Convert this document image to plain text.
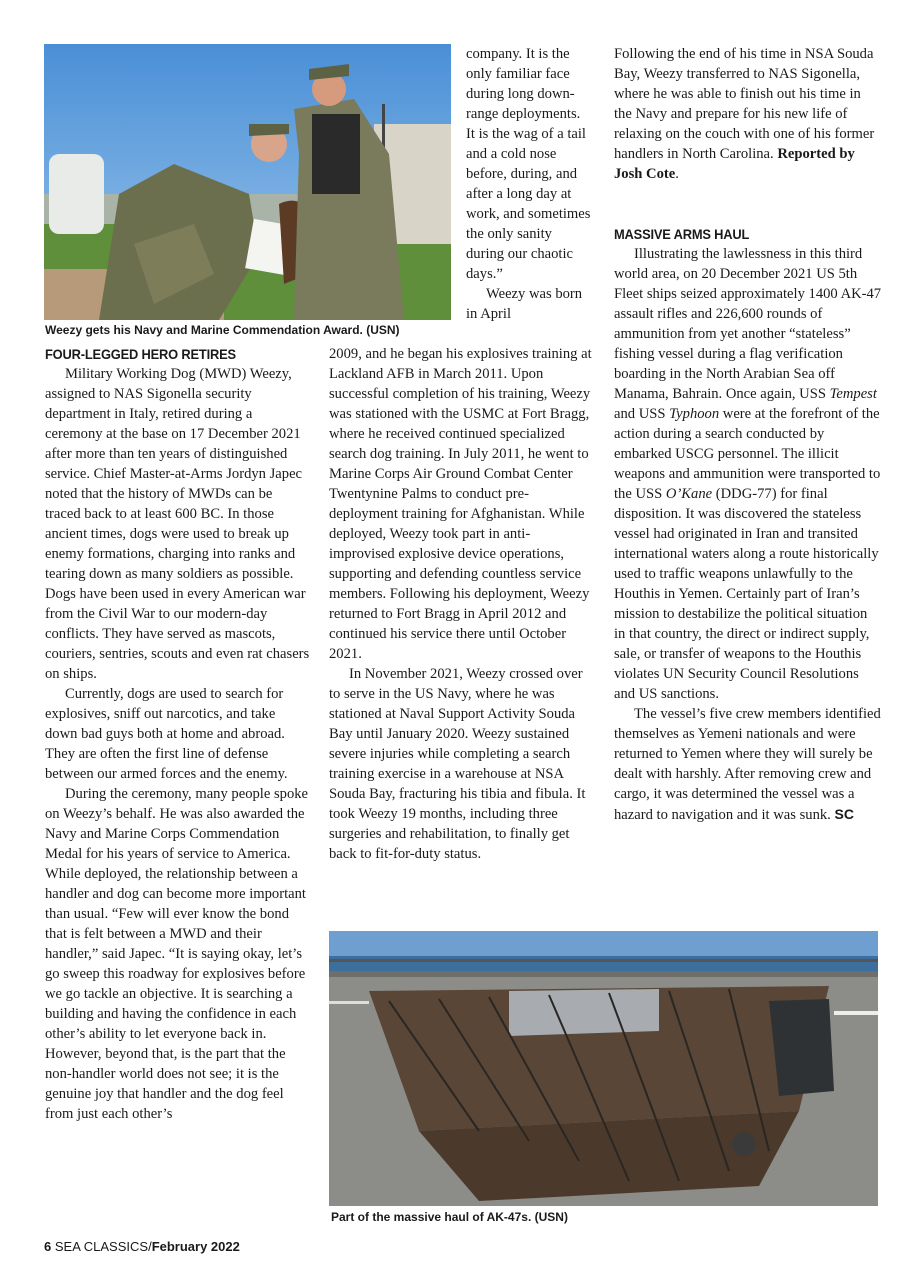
Weezy gets his Navy and Marine Commendation Award. (USN)
FOUR-LEGGED HERO RETIRES

Military Working Dog (MWD) Weezy, assigned to NAS Sigonella security department in Italy, retired during a ceremony at the base on 17 December 2021 after more than ten years of distinguished service. Chief Master-at-Arms Jordyn Japec noted that the history of MWDs can be traced back to at least 600 BC. In those ancient times, dogs were used to break up enemy formations, charging into ranks and tearing down as many soldiers as possible. Dogs have been used in every American war from the Civil War to our modern-day conflicts. They have served as mascots, couriers, sentries, scouts and even rat chasers on ships.

Currently, dogs are used to search for explosives, sniff out narcotics, and take down bad guys both at home and abroad. They are often the first line of defense between our armed forces and the enemy.

During the ceremony, many people spoke on Weezy’s behalf. He was also awarded the Navy and Marine Corps Commendation Medal for his years of service to America. While deployed, the relationship between a handler and dog can become more important than usual. “Few will ever know the bond that is felt between a MWD and their handler,” said Japec. “It is saying okay, let’s go sweep this roadway for explosives before we go tackle an objective. It is searching a building and having the confidence in each other’s ability to let everyone back in. However, beyond that, is the part that the non-handler world does not see; it is the genuine joy that handler and the dog feel from just each other’s

company. It is the only familiar face during long down-range deployments. It is the wag of a tail and a cold nose before, during, and after a long day at work, and sometimes the only sanity during our chaotic days.”

Weezy was born in April

2009, and he began his explosives training at Lackland AFB in March 2011. Upon successful completion of his training, Weezy was stationed with the USMC at Fort Bragg, where he received continued specialized search dog training. In July 2011, he went to Marine Corps Air Ground Combat Center Twentynine Palms to conduct pre-deployment training for Afghanistan. While deployed, Weezy took part in anti-improvised explosive device operations, supporting and defending countless service members. Following his deployment, Weezy returned to Fort Bragg in April 2012 and continued his service there until October 2021.

In November 2021, Weezy crossed over to serve in the US Navy, where he was stationed at Naval Support Activity Souda Bay until January 2020. Weezy sustained severe injuries while completing a search training exercise in a warehouse at NSA Souda Bay, fracturing his tibia and fibula. It took Weezy 19 months, including three surgeries and rehabilitation, to finally get back to fit-for-duty status.

Following the end of his time in NSA Souda Bay, Weezy transferred to NAS Sigonella, where he was able to finish out his time in the Navy and prepare for his new life of relaxing on the couch with one of his former handlers in North Carolina. Reported by Josh Cote.

MASSIVE ARMS HAUL

Illustrating the lawlessness in this third world area, on 20 December 2021 US 5th Fleet ships seized approximately 1400 AK-47 assault rifles and 226,600 rounds of ammunition from yet another “stateless” fishing vessel during a flag verification boarding in the North Arabian Sea off Manama, Bahrain. Once again, USS Tempest and USS Typhoon were at the forefront of the action during a search conducted by embarked USCG personnel. The illicit weapons and ammunition were transported to the USS O’Kane (DDG-77) for final disposition. It was discovered the stateless vessel had originated in Iran and transited international waters along a route historically used to traffic weapons unlawfully to the Houthis in Yemen. Certainly part of Iran’s mission to destabilize the political situation in that country, the direct or indirect supply, sale, or transfer of weapons to the Houthis violates UN Security Council Resolutions and US sanctions.

The vessel’s five crew members identified themselves as Yemeni nationals and were returned to Yemen where they will surely be dealt with harshly. After removing crew and cargo, it was determined the vessel was a hazard to navigation and it was sunk. SC

Part of the massive haul of AK-47s. (USN)
6 SEA CLASSICS/February 2022
